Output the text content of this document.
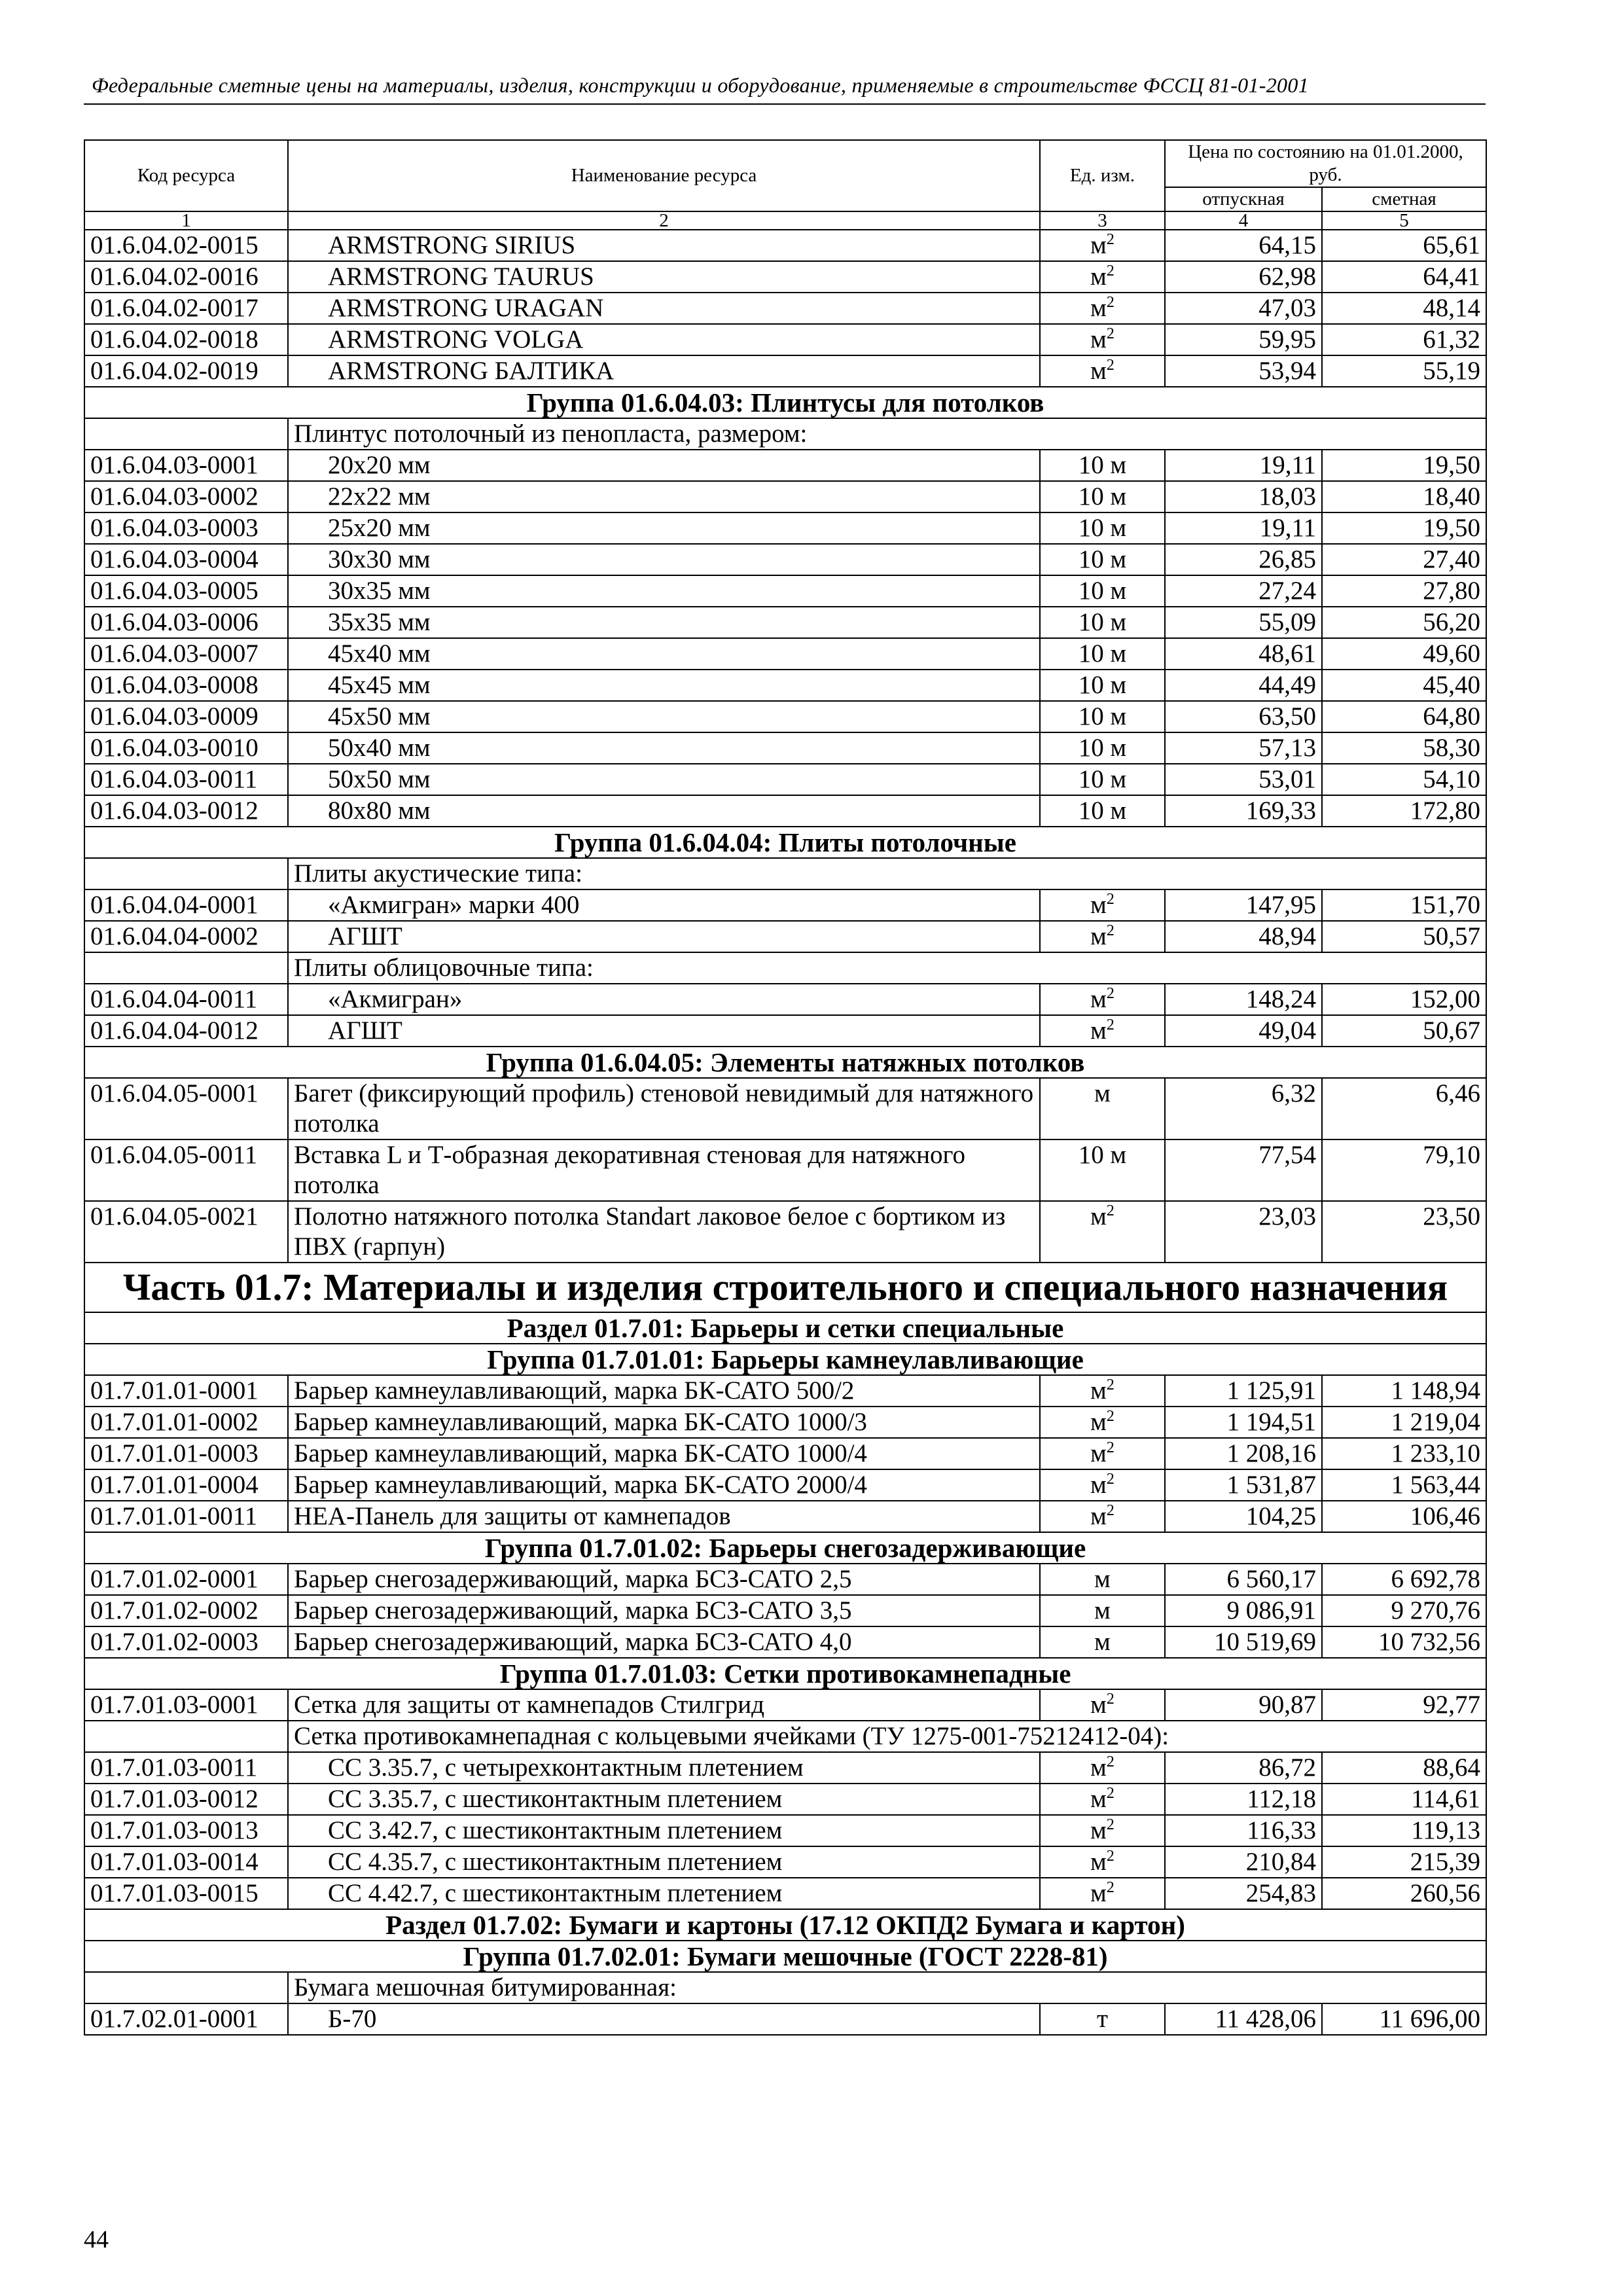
Федеральные сметные цены на материалы, изделия, конструкции и оборудование, применяемые в строительстве ФССЦ 81-01-2001
Код ресурса	Наименование ресурса	Ед. изм.	Цена по состоянию на 01.01.2000, руб.	
			отпускная	сметная
1	2	3	4	5
01.6.04.02-0015	ARMSTRONG SIRIUS	$м^2$	64,15	65,61
01.6.04.02-0016	ARMSTRONG TAURUS	$м^2$	62,98	64,41
01.6.04.02-0017	ARMSTRONG URAGAN	$м^2$	47,03	48,14
01.6.04.02-0018	ARMSTRONG VOLGA	$м^2$	59,95	61,32
01.6.04.02-0019	ARMSTRONG БАЛТИКА	$м^2$	53,94	55,19
Группа 01.6.04.03: Плинтусы для потолков				
	Плинтус потолочный из пенопласта, размером:			
01.6.04.03-0001	20х20 мм	10 м	19,11	19,50
01.6.04.03-0002	22х22 мм	10 м	18,03	18,40
01.6.04.03-0003	25х20 мм	10 м	19,11	19,50
01.6.04.03-0004	30х30 мм	10 м	26,85	27,40
01.6.04.03-0005	30х35 мм	10 м	27,24	27,80
01.6.04.03-0006	35х35 мм	10 м	55,09	56,20
01.6.04.03-0007	45х40 мм	10 м	48,61	49,60
01.6.04.03-0008	45х45 мм	10 м	44,49	45,40
01.6.04.03-0009	45х50 мм	10 м	63,50	64,80
01.6.04.03-0010	50х40 мм	10 м	57,13	58,30
01.6.04.03-0011	50х50 мм	10 м	53,01	54,10
01.6.04.03-0012	80х80 мм	10 м	169,33	172,80
Группа 01.6.04.04: Плиты потолочные				
	Плиты акустические типа:			
01.6.04.04-0001	«Акмигран» марки 400	$м^2$	147,95	151,70
01.6.04.04-0002	АГШТ	$м^2$	48,94	50,57
	Плиты облицовочные типа:			
01.6.04.04-0011	«Акмигран»	$м^2$	148,24	152,00
01.6.04.04-0012	АГШТ	$м^2$	49,04	50,67
Группа 01.6.04.05: Элементы натяжных потолков				
01.6.04.05-0001	Багет (фиксирующий профиль) стеновой невидимый для натяжного потолка	м	6,32	6,46
01.6.04.05-0011	Вставка L и Т-образная декоративная стеновая для натяжного потолка	10 м	77,54	79,10
01.6.04.05-0021	Полотно натяжного потолка Standart лаковое белое с бортиком из ПВХ (гарпун)	$м^2$	23,03	23,50
Часть 01.7: Материалы и изделия строительного и специального назначения				
Раздел 01.7.01: Барьеры и сетки специальные				
Группа 01.7.01.01: Барьеры камнеулавливающие				
01.7.01.01-0001	Барьер камнеулавливающий, марка БК-САТО 500/2	$м^2$	1 125,91	1 148,94
01.7.01.01-0002	Барьер камнеулавливающий, марка БК-САТО 1000/3	$м^2$	1 194,51	1 219,04
01.7.01.01-0003	Барьер камнеулавливающий, марка БК-САТО 1000/4	$м^2$	1 208,16	1 233,10
01.7.01.01-0004	Барьер камнеулавливающий, марка БК-САТО 2000/4	$м^2$	1 531,87	1 563,44
01.7.01.01-0011	НЕА-Панель для защиты от камнепадов	$м^2$	104,25	106,46
Группа 01.7.01.02: Барьеры снегозадерживающие				
01.7.01.02-0001	Барьер снегозадерживающий, марка БСЗ-САТО 2,5	м	6 560,17	6 692,78
01.7.01.02-0002	Барьер снегозадерживающий, марка БСЗ-САТО 3,5	м	9 086,91	9 270,76
01.7.01.02-0003	Барьер снегозадерживающий, марка БСЗ-САТО 4,0	м	10 519,69	10 732,56
Группа 01.7.01.03: Сетки противокамнепадные				
01.7.01.03-0001	Сетка для защиты от камнепадов Стилгрид	$м^2$	90,87	92,77
	Сетка противокамнепадная с кольцевыми ячейками (ТУ 1275-001-75212412-04):			
01.7.01.03-0011	СС 3.35.7, с четырехконтактным плетением	$м^2$	86,72	88,64
01.7.01.03-0012	СС 3.35.7, с шестиконтактным плетением	$м^2$	112,18	114,61
01.7.01.03-0013	СС 3.42.7, с шестиконтактным плетением	$м^2$	116,33	119,13
01.7.01.03-0014	СС 4.35.7, с шестиконтактным плетением	$м^2$	210,84	215,39
01.7.01.03-0015	СС 4.42.7, с шестиконтактным плетением	$м^2$	254,83	260,56
Раздел 01.7.02: Бумаги и картоны (17.12 ОКПД2 Бумага и картон)				
Группа 01.7.02.01: Бумаги мешочные (ГОСТ 2228-81)				
	Бумага мешочная битумированная:			
01.7.02.01-0001	Б-70	т	11 428,06	11 696,00
44
